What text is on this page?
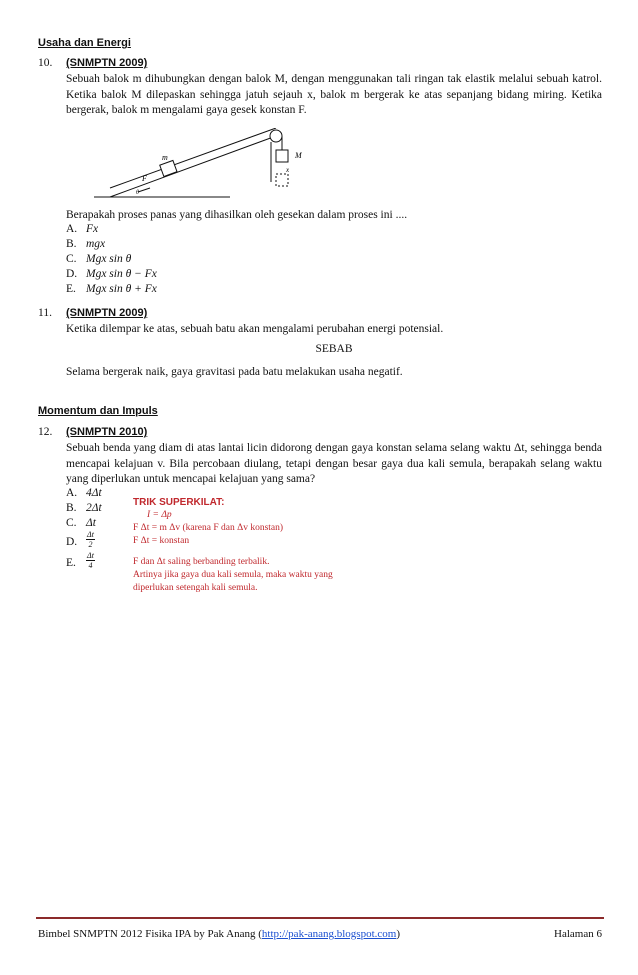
Usaha dan Energi
10. (SNMPTN 2009)
Sebuah balok m dihubungkan dengan balok M, dengan menggunakan tali ringan tak elastik melalui sebuah katrol. Ketika balok M dilepaskan sehingga jatuh sejauh x, balok m bergerak ke atas sepanjang bidang miring. Ketika bergerak, balok m mengalami gaya gesek konstan F.
m	M
F
x
θ
Berapakah proses panas yang dihasilkan oleh gesekan dalam proses ini ....
A. Fx
B. mgx
C. Mgx sin θ
D. Mgx sin θ − Fx
E. Mgx sin θ + Fx
11. (SNMPTN 2009)
Ketika dilempar ke atas, sebuah batu akan mengalami perubahan energi potensial.
SEBAB
Selama bergerak naik, gaya gravitasi pada batu melakukan usaha negatif.
Momentum dan Impuls
12. (SNMPTN 2010)
Sebuah benda yang diam di atas lantai licin didorong dengan gaya konstan selama selang waktu Δt, sehingga benda mencapai kelajuan v. Bila percobaan diulang, tetapi dengan besar gaya dua kali semula, berapakah selang waktu yang diperlukan untuk mencapai kelajuan yang sama?
A. 4Δt
B. 2Δt
C. Δt
D. $\frac{\Delta t}{2}$
E. $\frac{\Delta t}{4}$
TRIK SUPERKILAT:
I = Δp
F Δt = m Δv (karena F dan Δv konstan)
F Δt = konstan
F dan Δt saling berbanding terbalik.
Artinya jika gaya dua kali semula, maka waktu yang
diperlukan setengah kali semula.
Bimbel SNMPTN 2012 Fisika IPA by Pak Anang (http://pak-anang.blogspot.com)	Halaman 6
